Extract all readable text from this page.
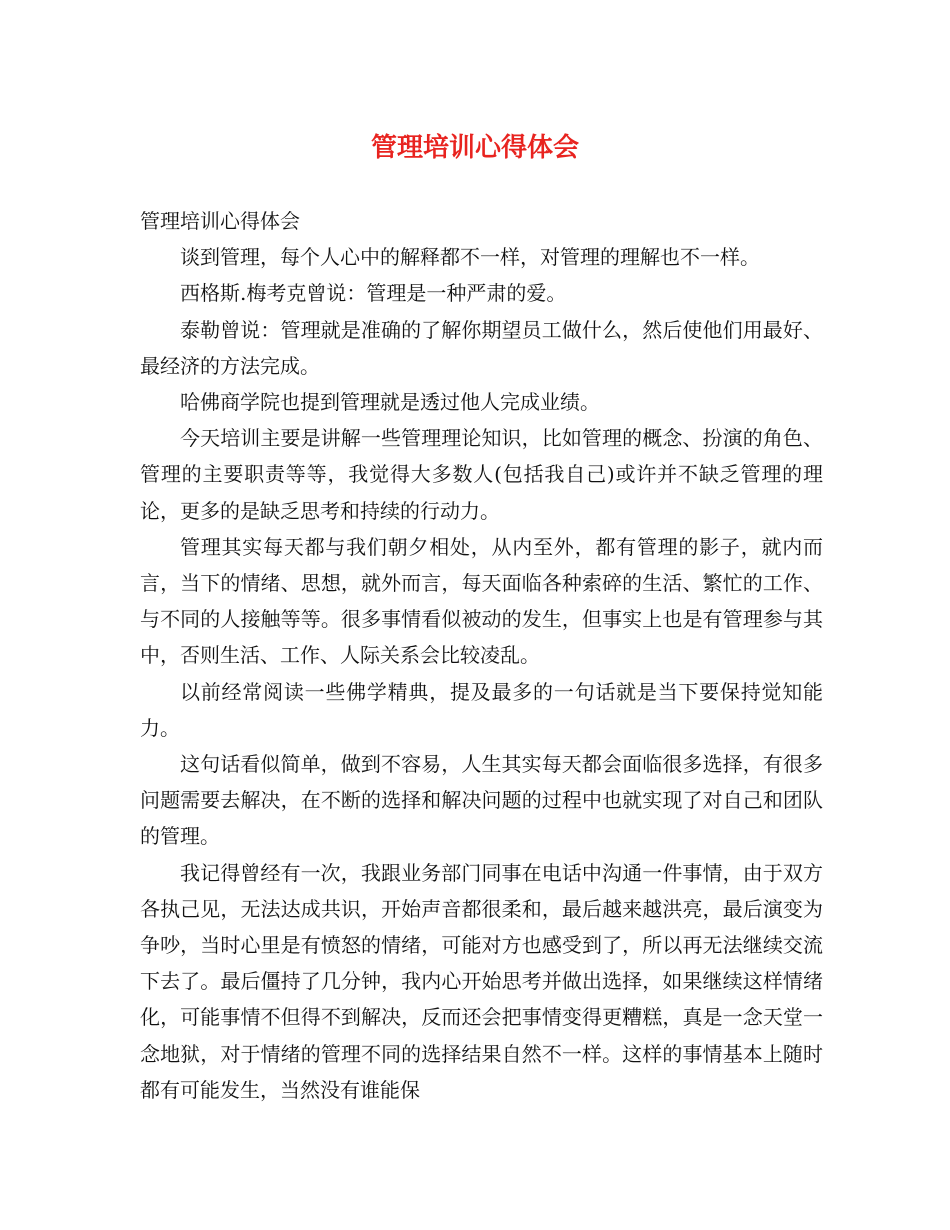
管理培训心得体会

管理培训心得体会

谈到管理，每个人心中的解释都不一样，对管理的理解也不一样。

西格斯.梅考克曾说：管理是一种严肃的爱。

泰勒曾说：管理就是准确的了解你期望员工做什么，然后使他们用最好、最经济的方法完成。

哈佛商学院也提到管理就是透过他人完成业绩。

今天培训主要是讲解一些管理理论知识，比如管理的概念、扮演的角色、管理的主要职责等等，我觉得大多数人(包括我自己)或许并不缺乏管理的理论，更多的是缺乏思考和持续的行动力。

管理其实每天都与我们朝夕相处，从内至外，都有管理的影子，就内而言，当下的情绪、思想，就外而言，每天面临各种索碎的生活、繁忙的工作、与不同的人接触等等。很多事情看似被动的发生，但事实上也是有管理参与其中，否则生活、工作、人际关系会比较凌乱。

以前经常阅读一些佛学精典，提及最多的一句话就是当下要保持觉知能力。

这句话看似简单，做到不容易，人生其实每天都会面临很多选择，有很多问题需要去解决，在不断的选择和解决问题的过程中也就实现了对自己和团队的管理。

我记得曾经有一次，我跟业务部门同事在电话中沟通一件事情，由于双方各执己见，无法达成共识，开始声音都很柔和，最后越来越洪亮，最后演变为争吵，当时心里是有愤怒的情绪，可能对方也感受到了，所以再无法继续交流下去了。最后僵持了几分钟，我内心开始思考并做出选择，如果继续这样情绪化，可能事情不但得不到解决，反而还会把事情变得更糟糕，真是一念天堂一念地狱，对于情绪的管理不同的选择结果自然不一样。这样的事情基本上随时都有可能发生，当然没有谁能保
